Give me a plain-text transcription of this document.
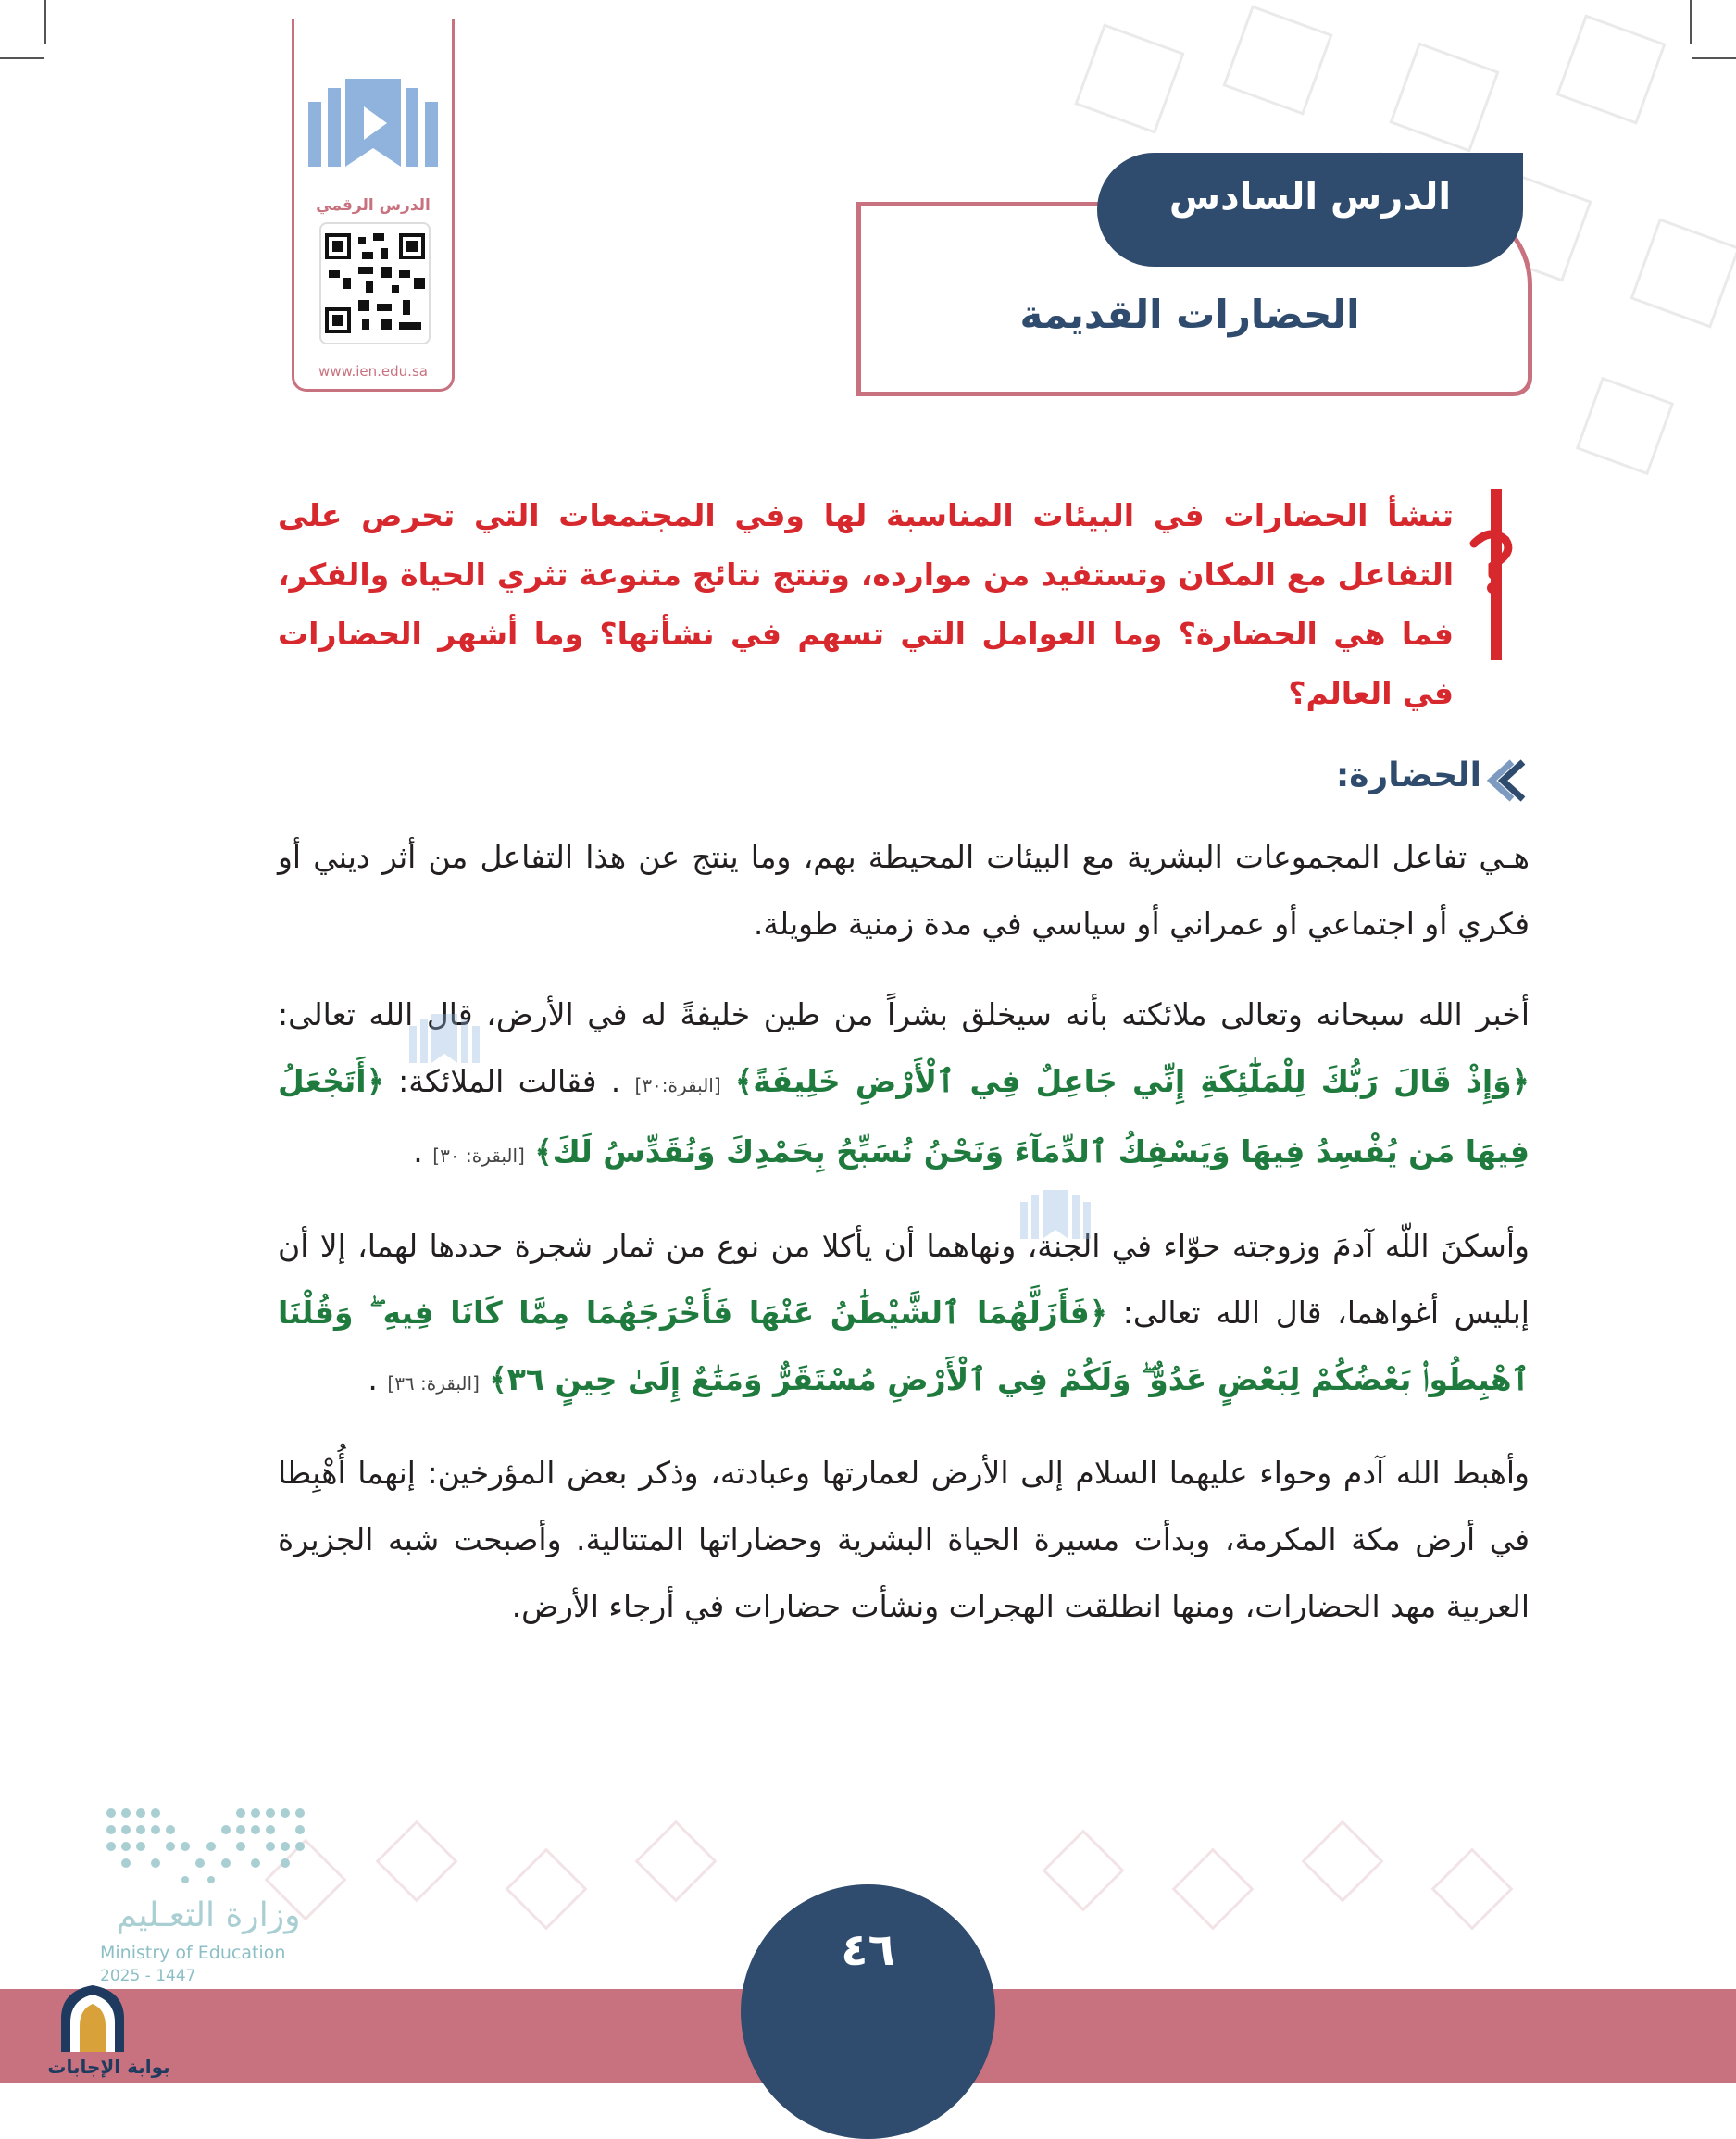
الدرس الرقمي
www.ien.edu.sa
الدرس السادس
الحضارات القديمة
تنشأ الحضارات في البيئات المناسبة لها وفي المجتمعات التي تحرص على التفاعل مع المكان وتستفيد من موارده، وتنتج نتائج متنوعة تثري الحياة والفكر، فما هي الحضارة؟ وما العوامل التي تسهم في نشأتها؟ وما أشهر الحضارات في العالم؟
الحضارة:
هـي تفاعل المجموعات البشرية مع البيئات المحيطة بهم، وما ينتج عن هذا التفاعل من أثر ديني أو فكري أو اجتماعي أو عمراني أو سياسي في مدة زمنية طويلة.
أخبر الله سبحانه وتعالى ملائكته بأنه سيخلق بشراً من طين خليفةً له في الأرض، قال الله تعالى: ﴿وَإِذْ قَالَ رَبُّكَ لِلْمَلَٰٓئِكَةِ إِنِّي جَاعِلٌ فِي ٱلْأَرْضِ خَلِيفَةً﴾ [البقرة:٣٠] . فقالت الملائكة: ﴿أَتَجْعَلُ فِيهَا مَن يُفْسِدُ فِيهَا وَيَسْفِكُ ٱلدِّمَآءَ وَنَحْنُ نُسَبِّحُ بِحَمْدِكَ وَنُقَدِّسُ لَكَ﴾ [البقرة: ٣٠] .
وأسكنَ اللّه آدمَ وزوجته حوّاء في الجنة، ونهاهما أن يأكلا من نوع من ثمار شجرة حددها لهما، إلا أن إبليس أغواهما، قال الله تعالى: ﴿فَأَزَلَّهُمَا ٱلشَّيْطَٰنُ عَنْهَا فَأَخْرَجَهُمَا مِمَّا كَانَا فِيهِ ۖ وَقُلْنَا ٱهْبِطُوا۟ بَعْضُكُمْ لِبَعْضٍ عَدُوٌّ ۖ وَلَكُمْ فِي ٱلْأَرْضِ مُسْتَقَرٌّ وَمَتَٰعٌ إِلَىٰ حِينٍ ٣٦﴾ [البقرة: ٣٦] .
وأهبط الله آدم وحواء عليهما السلام إلى الأرض لعمارتها وعبادته، وذكر بعض المؤرخين: إنهما أُهْبِطا في أرض مكة المكرمة، وبدأت مسيرة الحياة البشرية وحضاراتها المتتالية. وأصبحت شبه الجزيرة العربية مهد الحضارات، ومنها انطلقت الهجرات ونشأت حضارات في أرجاء الأرض.
٤٦
وزارة التعـليم
Ministry of Education
2025 - 1447
بوابة الإجابات
